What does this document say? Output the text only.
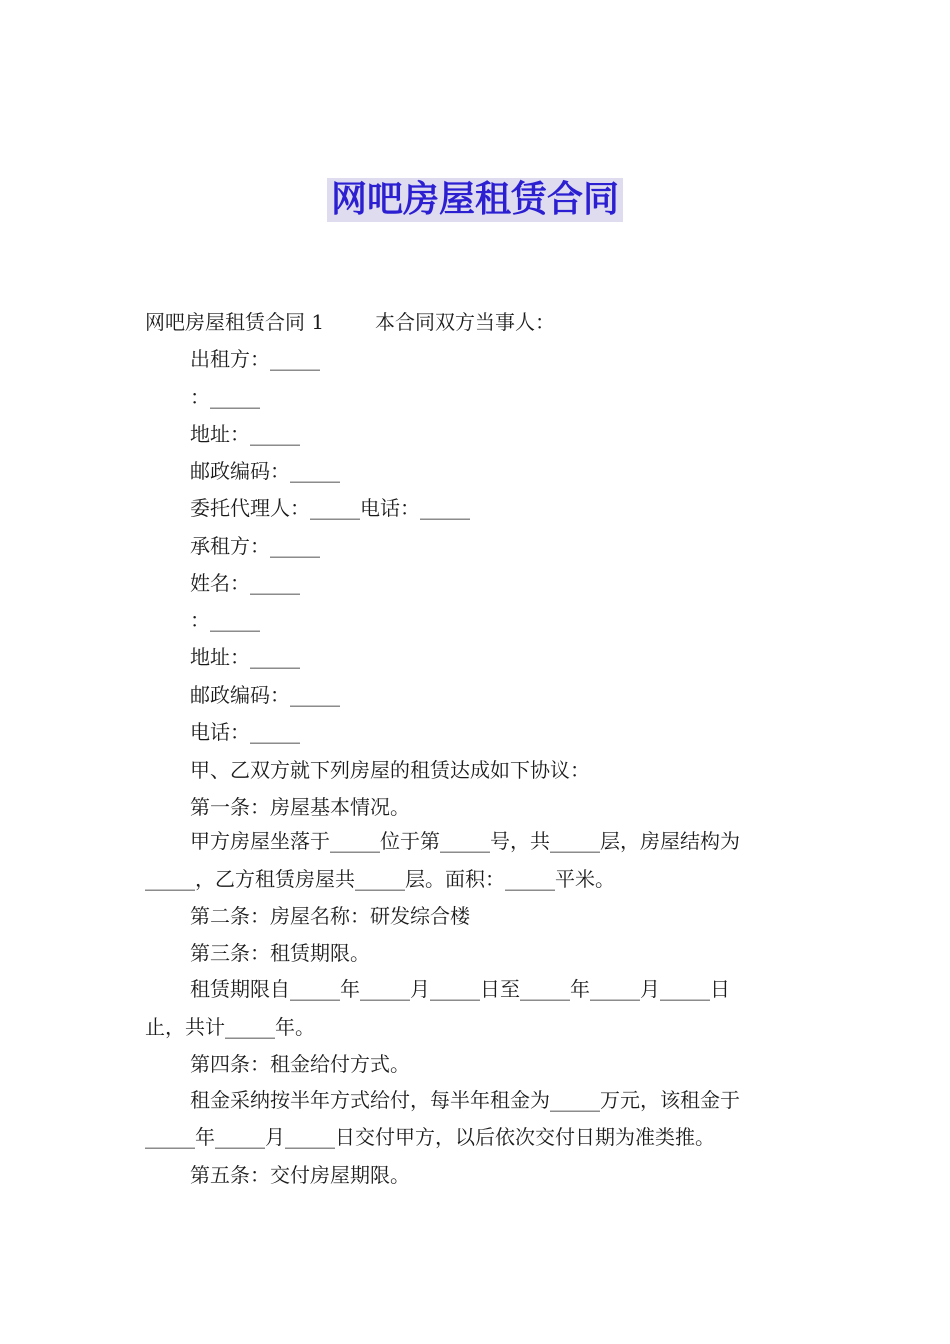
网吧房屋租赁合同
网吧房屋租赁合同 1        本合同双方当事人：
出租方：_____
：_____
地址：_____
邮政编码：_____
委托代理人：_____电话：_____
承租方：_____
姓名：_____
：_____
地址：_____
邮政编码：_____
电话：_____
甲、乙双方就下列房屋的租赁达成如下协议：
第一条：房屋基本情况。
甲方房屋坐落于_____位于第_____号，共_____层，房屋结构为
_____，乙方租赁房屋共_____层。面积：_____平米。
第二条：房屋名称：研发综合楼
第三条：租赁期限。
租赁期限自_____年_____月_____日至_____年_____月_____日
止，共计_____年。
第四条：租金给付方式。
租金采纳按半年方式给付，每半年租金为_____万元，该租金于
_____年_____月_____日交付甲方，以后依次交付日期为准类推。
第五条：交付房屋期限。
